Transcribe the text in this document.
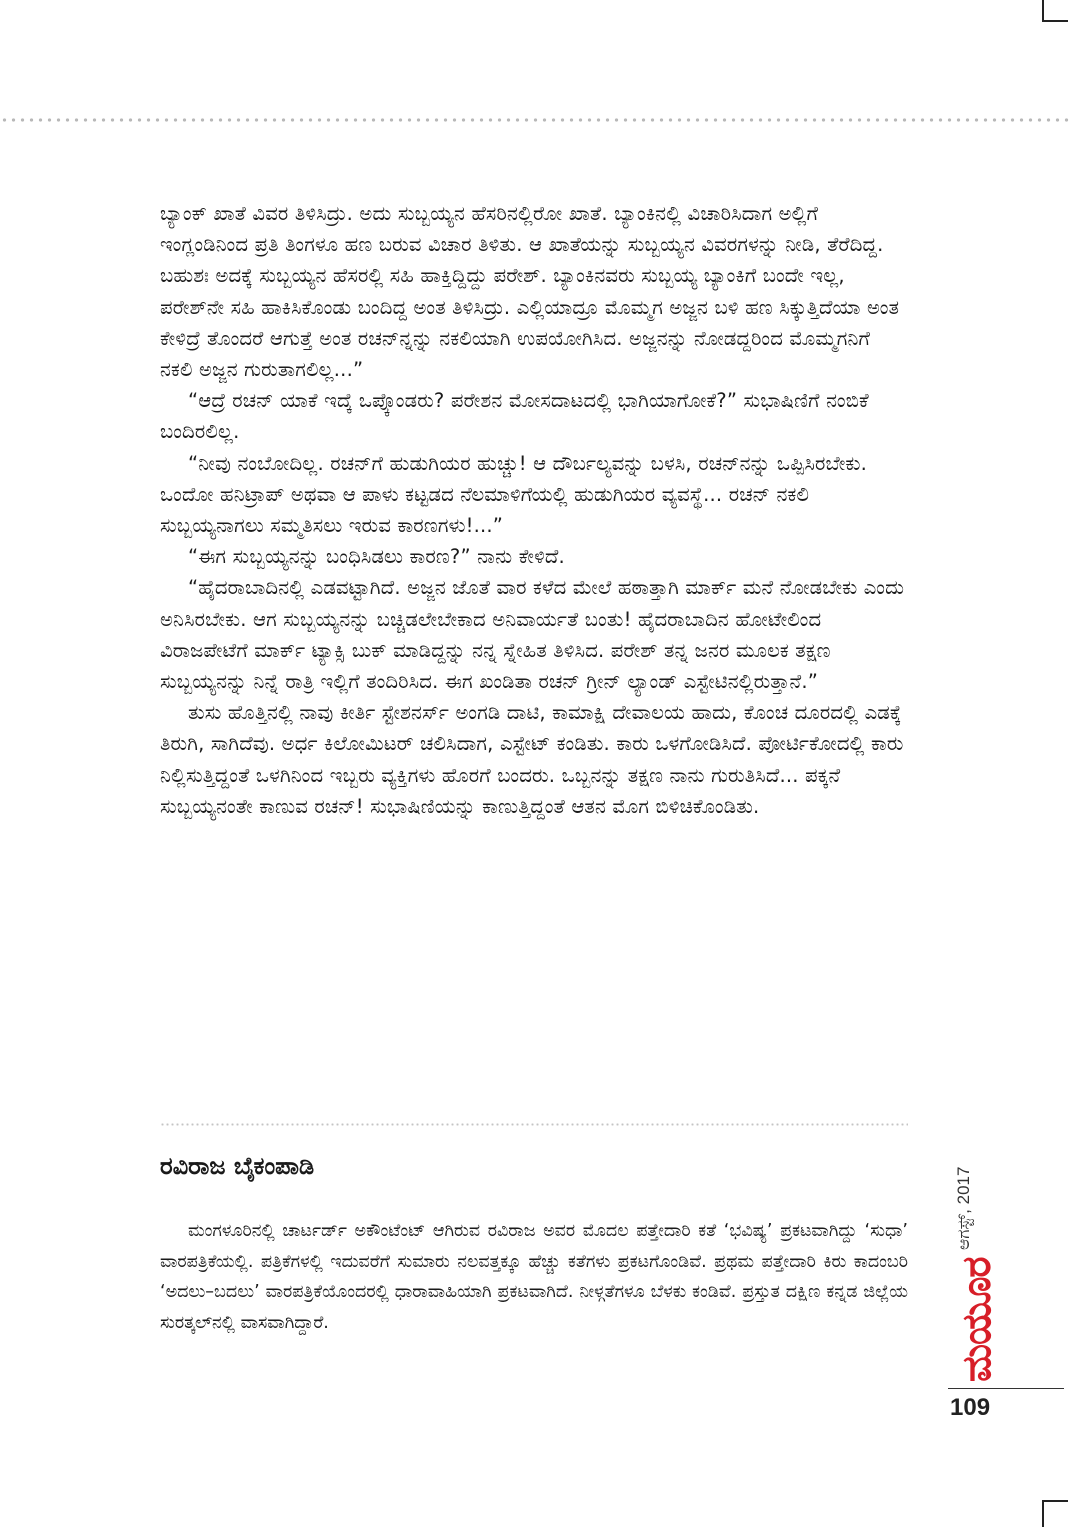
ಬ್ಯಾಂಕ್ ಖಾತೆ ವಿವರ ತಿಳಿಸಿದ್ರು. ಅದು ಸುಬ್ಬಯ್ಯನ ಹೆಸರಿನಲ್ಲಿರೋ ಖಾತೆ. ಬ್ಯಾಂಕಿನಲ್ಲಿ ವಿಚಾರಿಸಿದಾಗ ಅಲ್ಲಿಗೆ ಇಂಗ್ಲಂಡಿನಿಂದ ಪ್ರತಿ ತಿಂಗಳೂ ಹಣ ಬರುವ ವಿಚಾರ ತಿಳಿತು. ಆ ಖಾತೆಯನ್ನು ಸುಬ್ಬಯ್ಯನ ವಿವರಗಳನ್ನು ನೀಡಿ, ತೆರೆದಿದ್ದ. ಬಹುಶಃ ಅದಕ್ಕೆ ಸುಬ್ಬಯ್ಯನ ಹೆಸರಲ್ಲಿ ಸಹಿ ಹಾಕ್ತಿದ್ದಿದ್ದು ಪರೇಶ್. ಬ್ಯಾಂಕಿನವರು ಸುಬ್ಬಯ್ಯ ಬ್ಯಾಂಕಿಗೆ ಬಂದೇ ಇಲ್ಲ, ಪರೇಶ್‌ನೇ ಸಹಿ ಹಾಕಿಸಿಕೊಂಡು ಬಂದಿದ್ದ ಅಂತ ತಿಳಿಸಿದ್ರು. ಎಲ್ಲಿಯಾದ್ರೂ ಮೊಮ್ಮಗ ಅಜ್ಜನ ಬಳಿ ಹಣ ಸಿಕ್ಕುತ್ತಿದೆಯಾ ಅಂತ ಕೇಳಿದ್ರೆ ತೊಂದರೆ ಆಗುತ್ತೆ ಅಂತ ರಚನ್‌ನ್ನನ್ನು ನಕಲಿಯಾಗಿ ಉಪಯೋಗಿಸಿದ. ಅಜ್ಜನನ್ನು ನೋಡದ್ದರಿಂದ ಮೊಮ್ಮಗನಿಗೆ ನಕಲಿ ಅಜ್ಜನ ಗುರುತಾಗಲಿಲ್ಲ...”

“ಆದ್ರೆ ರಚನ್ ಯಾಕೆ ಇದ್ಕೆ ಒಪ್ಕೊಂಡರು? ಪರೇಶನ ಮೋಸದಾಟದಲ್ಲಿ ಭಾಗಿಯಾಗೋಕೆ?” ಸುಭಾಷಿಣಿಗೆ ನಂಬಿಕೆ ಬಂದಿರಲಿಲ್ಲ.

“ನೀವು ನಂಬೋದಿಲ್ಲ. ರಚನ್‌ಗೆ ಹುಡುಗಿಯರ ಹುಚ್ಚು! ಆ ದೌರ್ಬಲ್ಯವನ್ನು ಬಳಸಿ, ರಚನ್‌ನನ್ನು ಒಪ್ಪಿಸಿರಬೇಕು. ಒಂದೋ ಹನಿಟ್ರಾಪ್ ಅಥವಾ ಆ ಪಾಳು ಕಟ್ಟಡದ ನೆಲಮಾಳಿಗೆಯಲ್ಲಿ ಹುಡುಗಿಯರ ವ್ಯವಸ್ಥೆ... ರಚನ್ ನಕಲಿ ಸುಬ್ಬಯ್ಯನಾಗಲು ಸಮ್ಮತಿಸಲು ಇರುವ ಕಾರಣಗಳು!...”

“ಈಗ ಸುಬ್ಬಯ್ಯನನ್ನು ಬಂಧಿಸಿಡಲು ಕಾರಣ?” ನಾನು ಕೇಳಿದೆ.

“ಹೈದರಾಬಾದಿನಲ್ಲಿ ಎಡವಟ್ಟಾಗಿದೆ. ಅಜ್ಜನ ಜೊತೆ ವಾರ ಕಳೆದ ಮೇಲೆ ಹಠಾತ್ತಾಗಿ ಮಾರ್ಕ್ ಮನೆ ನೋಡಬೇಕು ಎಂದು ಅನಿಸಿರಬೇಕು. ಆಗ ಸುಬ್ಬಯ್ಯನನ್ನು ಬಚ್ಚಿಡಲೇಬೇಕಾದ ಅನಿವಾರ್ಯತೆ ಬಂತು! ಹೈದರಾಬಾದಿನ ಹೋಟೇಲಿಂದ ವಿರಾಜಪೇಟೆಗೆ ಮಾರ್ಕ್ ಟ್ಯಾಕ್ಸಿ ಬುಕ್ ಮಾಡಿದ್ದನ್ನು ನನ್ನ ಸ್ನೇಹಿತ ತಿಳಿಸಿದ. ಪರೇಶ್ ತನ್ನ ಜನರ ಮೂಲಕ ತಕ್ಷಣ ಸುಬ್ಬಯ್ಯನನ್ನು ನಿನ್ನೆ ರಾತ್ರಿ ಇಲ್ಲಿಗೆ ತಂದಿರಿಸಿದ. ಈಗ ಖಂಡಿತಾ ರಚನ್ ಗ್ರೀನ್ ಲ್ಯಾಂಡ್ ಎಸ್ಟೇಟಿನಲ್ಲಿರುತ್ತಾನೆ.”

ತುಸು ಹೊತ್ತಿನಲ್ಲಿ ನಾವು ಕೀರ್ತಿ ಸ್ಟೇಶನರ್ಸ್ ಅಂಗಡಿ ದಾಟಿ, ಕಾಮಾಕ್ಷಿ ದೇವಾಲಯ ಹಾದು, ಕೊಂಚ ದೂರದಲ್ಲಿ ಎಡಕ್ಕೆ ತಿರುಗಿ, ಸಾಗಿದೆವು. ಅರ್ಧ ಕಿಲೋಮಿಟರ್ ಚಲಿಸಿದಾಗ, ಎಸ್ಟೇಟ್ ಕಂಡಿತು. ಕಾರು ಒಳಗೋಡಿಸಿದೆ. ಪೋರ್ಟಿಕೋದಲ್ಲಿ ಕಾರು ನಿಲ್ಲಿಸುತ್ತಿದ್ದಂತೆ ಒಳಗಿನಿಂದ ಇಬ್ಬರು ವ್ಯಕ್ತಿಗಳು ಹೊರಗೆ ಬಂದರು. ಒಬ್ಬನನ್ನು ತಕ್ಷಣ ನಾನು ಗುರುತಿಸಿದೆ... ಪಕ್ಕನೆ ಸುಬ್ಬಯ್ಯನಂತೇ ಕಾಣುವ ರಚನ್! ಸುಭಾಷಿಣಿಯನ್ನು ಕಾಣುತ್ತಿದ್ದಂತೆ ಆತನ ಮೊಗ ಬಿಳಿಚಿಕೊಂಡಿತು.

ರವಿರಾಜ ಬೈಕಂಪಾಡಿ

ಮಂಗಳೂರಿನಲ್ಲಿ ಚಾರ್ಟರ್ಡ್ ಅಕೌಂಟೆಂಟ್ ಆಗಿರುವ ರವಿರಾಜ ಅವರ ಮೊದಲ ಪತ್ತೇದಾರಿ ಕತೆ ‘ಭವಿಷ್ಯ’ ಪ್ರಕಟವಾಗಿದ್ದು ‘ಸುಧಾ’ ವಾರಪತ್ರಿಕೆಯಲ್ಲಿ. ಪತ್ರಿಕೆಗಳಲ್ಲಿ ಇದುವರೆಗೆ ಸುಮಾರು ನಲವತ್ತಕ್ಕೂ ಹೆಚ್ಚು ಕತೆಗಳು ಪ್ರಕಟಗೊಂಡಿವೆ. ಪ್ರಥಮ ಪತ್ತೇದಾರಿ ಕಿರು ಕಾದಂಬರಿ ‘ಅದಲು–ಬದಲು’ ವಾರಪತ್ರಿಕೆಯೊಂದರಲ್ಲಿ ಧಾರಾವಾಹಿಯಾಗಿ ಪ್ರಕಟವಾಗಿದೆ. ನೀಳ್ಗತೆಗಳೂ ಬೆಳಕು ಕಂಡಿವೆ. ಪ್ರಸ್ತುತ ದಕ್ಷಿಣ ಕನ್ನಡ ಜಿಲ್ಲೆಯ ಸುರತ್ಕಲ್‌ನಲ್ಲಿ ವಾಸವಾಗಿದ್ದಾರೆ.

ಆಗಸ್ಟ್, 2017
ಮಯೂರ
109
